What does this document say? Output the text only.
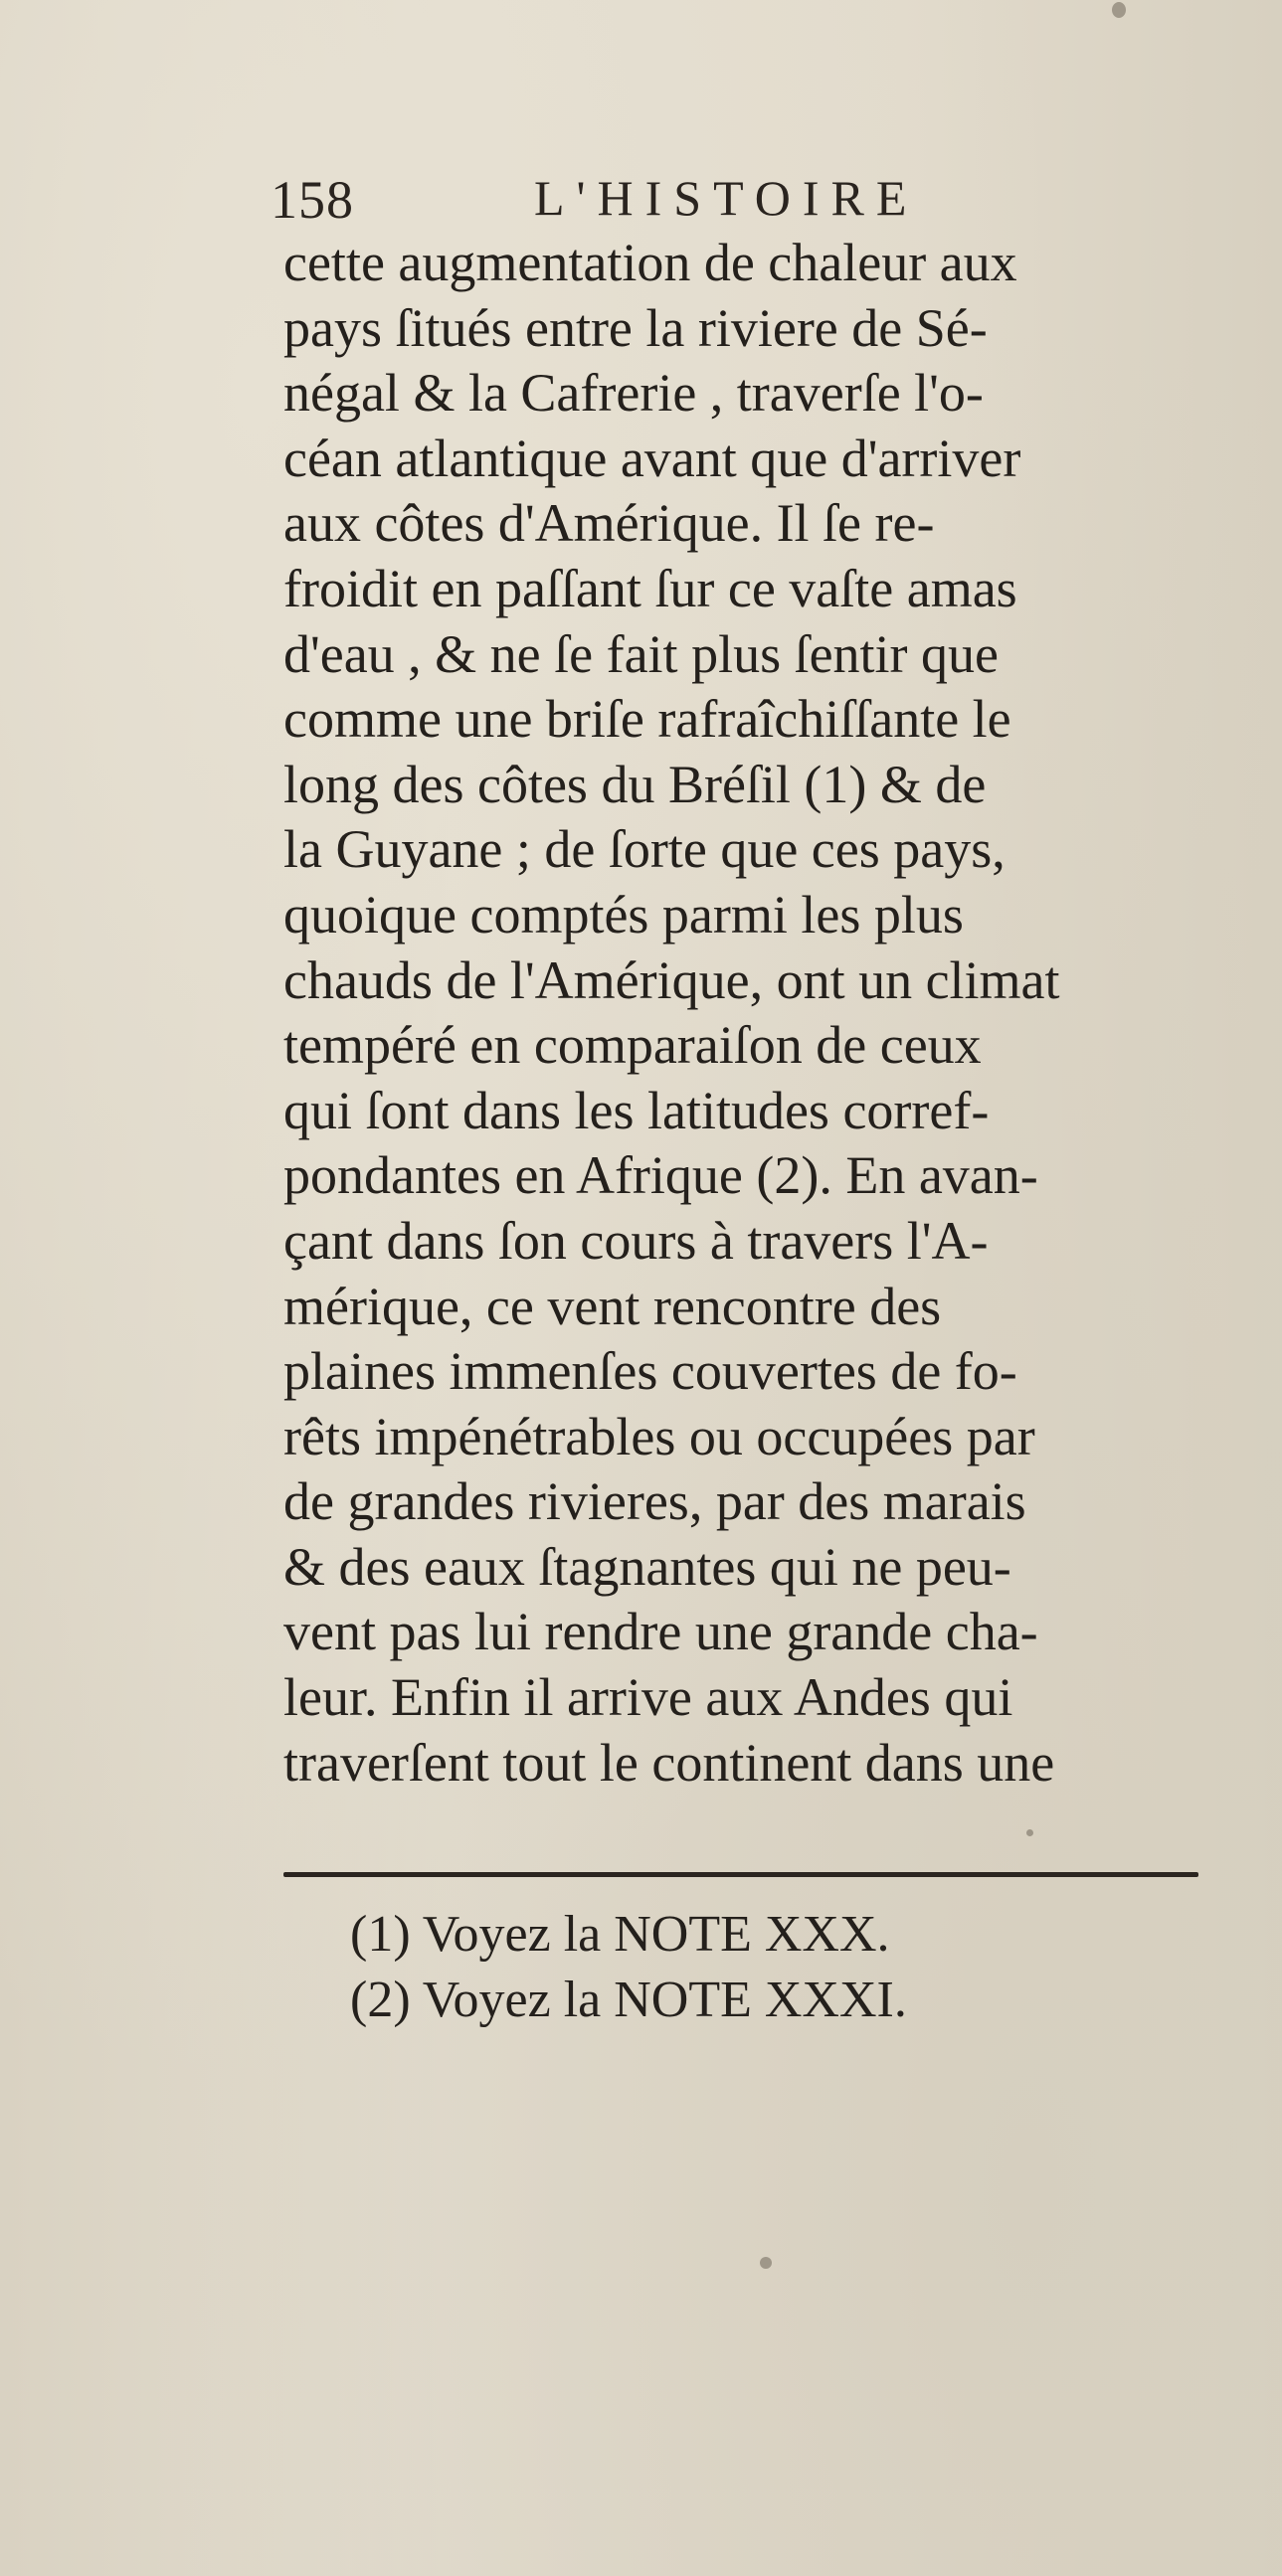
158	L'HISTOIRE
cette augmentation de chaleur aux
pays ſitués entre la riviere de Sé-
négal & la Cafrerie , traverſe l'o-
céan atlantique avant que d'arriver
aux côtes d'Amérique. Il ſe re-
froidit en paſſant ſur ce vaſte amas
d'eau , & ne ſe fait plus ſentir que
comme une briſe rafraîchiſſante le
long des côtes du Bréſil (1) & de
la Guyane ; de ſorte que ces pays,
quoique comptés parmi les plus
chauds de l'Amérique, ont un climat
tempéré en comparaiſon de ceux
qui ſont dans les latitudes corref-
pondantes en Afrique (2). En avan-
çant dans ſon cours à travers l'A-
mérique, ce vent rencontre des
plaines immenſes couvertes de fo-
rêts impénétrables ou occupées par
de grandes rivieres, par des marais
& des eaux ſtagnantes qui ne peu-
vent pas lui rendre une grande cha-
leur. Enfin il arrive aux Andes qui
traverſent tout le continent dans une
(1) Voyez la NOTE XXX.
(2) Voyez la NOTE XXXI.
